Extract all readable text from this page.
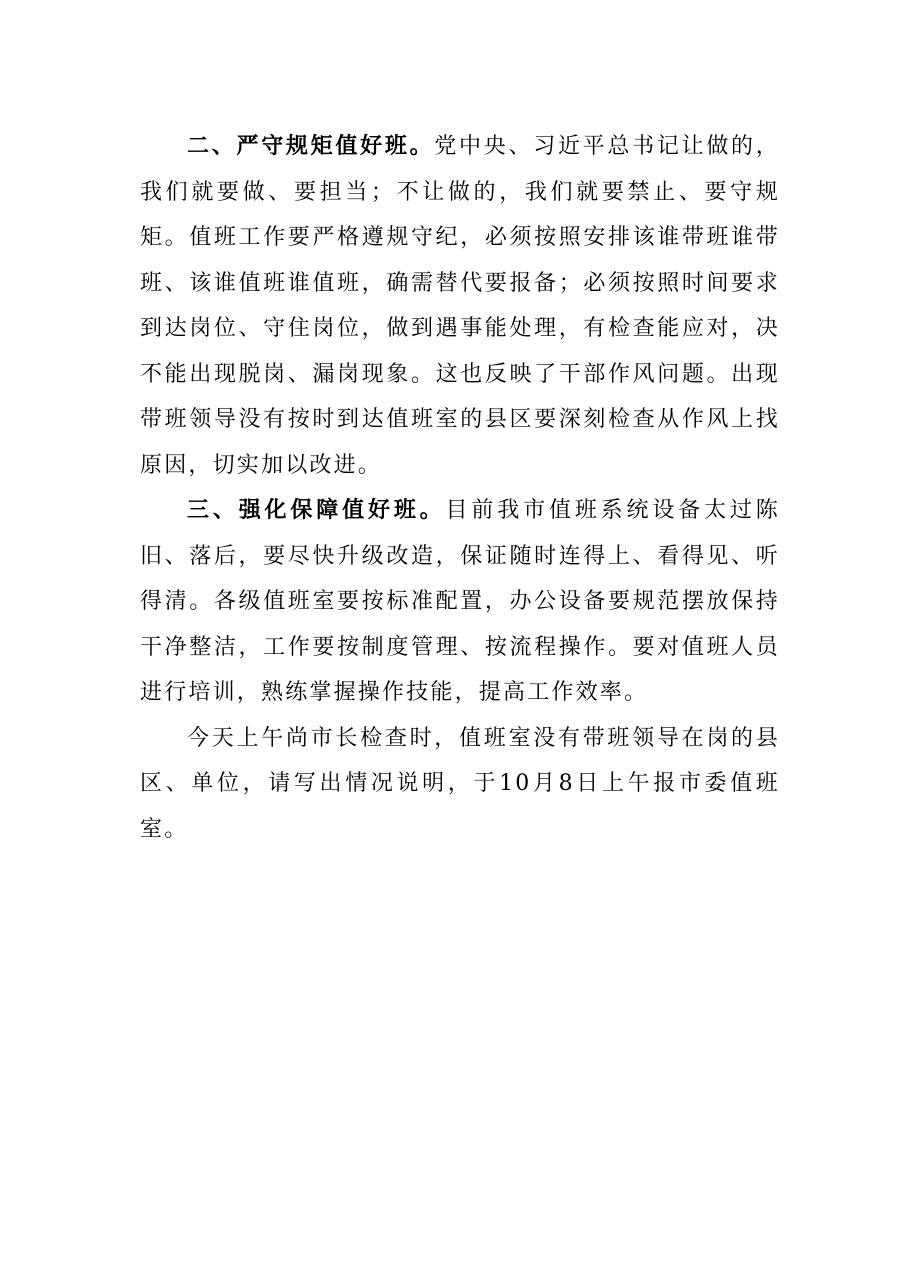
二、严守规矩值好班。党中央、习近平总书记让做的，我们就要做、要担当；不让做的，我们就要禁止、要守规矩。值班工作要严格遵规守纪，必须按照安排该谁带班谁带班、该谁值班谁值班，确需替代要报备；必须按照时间要求到达岗位、守住岗位，做到遇事能处理，有检查能应对，决不能出现脱岗、漏岗现象。这也反映了干部作风问题。出现带班领导没有按时到达值班室的县区要深刻检查从作风上找原因，切实加以改进。

三、强化保障值好班。目前我市值班系统设备太过陈旧、落后，要尽快升级改造，保证随时连得上、看得见、听得清。各级值班室要按标准配置，办公设备要规范摆放保持干净整洁，工作要按制度管理、按流程操作。要对值班人员进行培训，熟练掌握操作技能，提高工作效率。

今天上午尚市长检查时，值班室没有带班领导在岗的县区、单位，请写出情况说明，于10月8日上午报市委值班室。
